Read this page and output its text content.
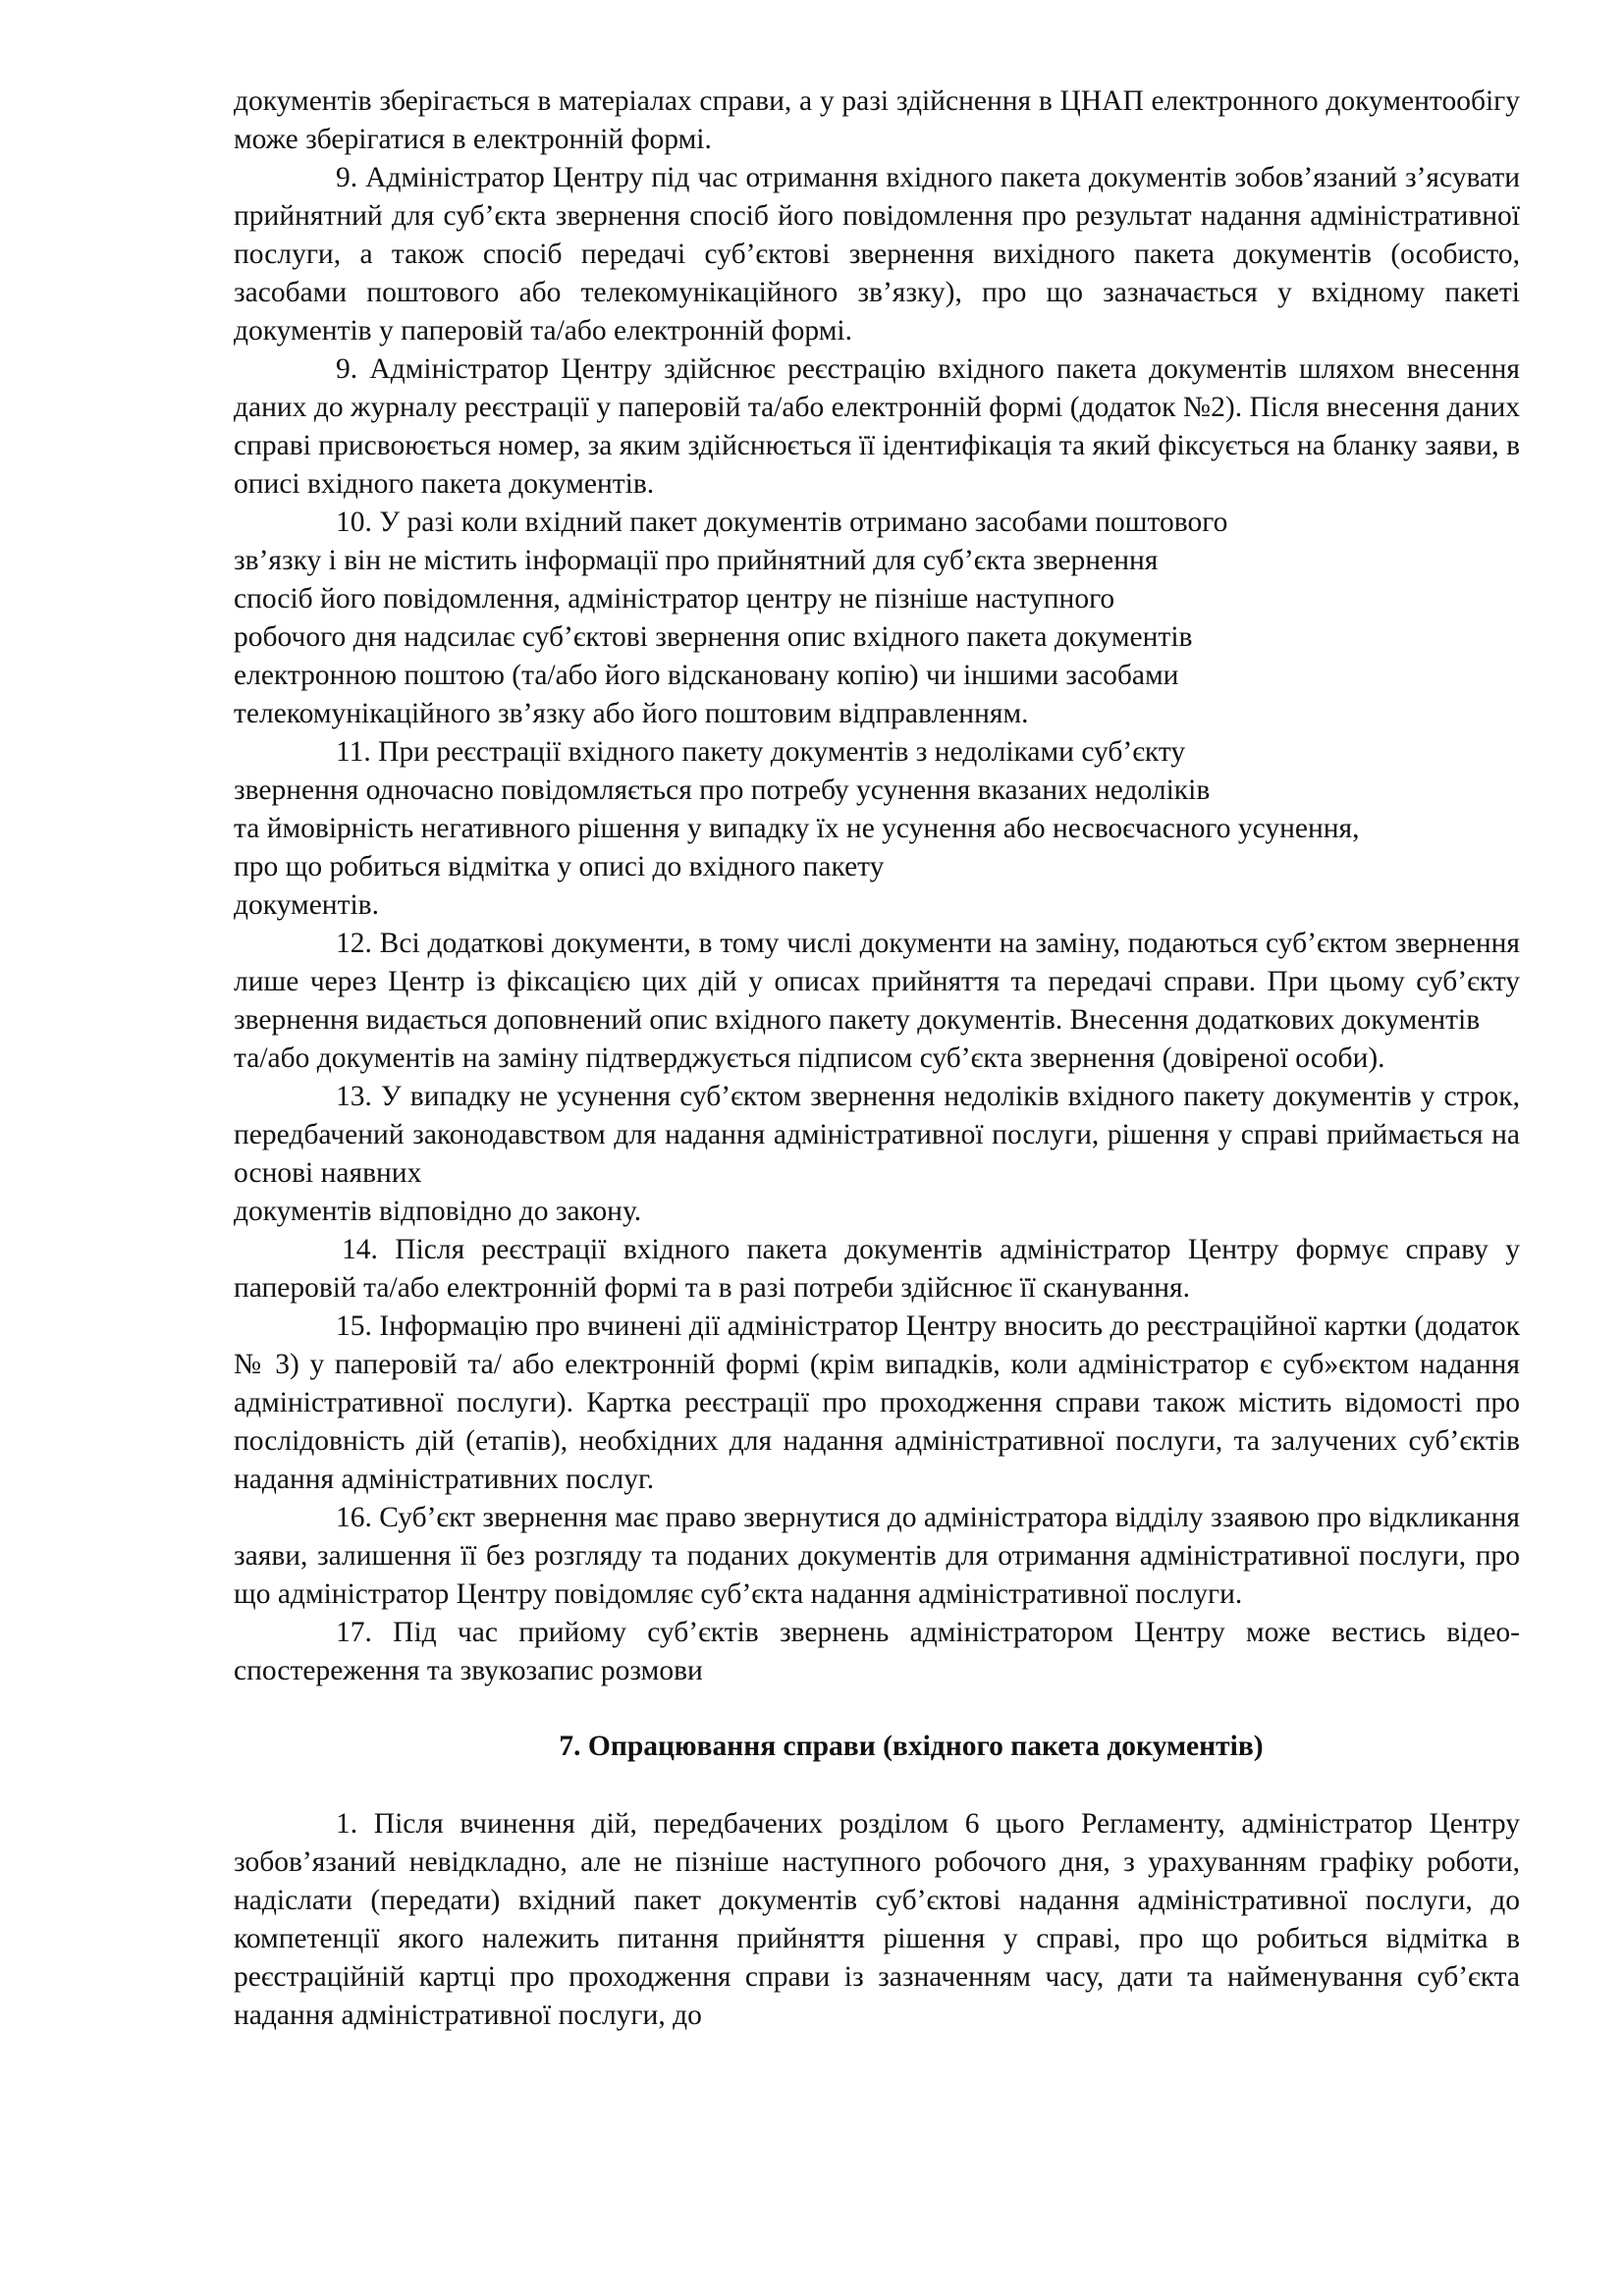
документів зберігається в матеріалах справи, а у разі здійснення в ЦНАП електронного документообігу може зберігатися в електронній формі.

9. Адміністратор Центру під час отримання вхідного пакета документів зобов’язаний з’ясувати прийнятний для суб’єкта звернення спосіб його повідомлення про результат надання адміністративної послуги, а також спосіб передачі суб’єктові звернення вихідного пакета документів (особисто, засобами поштового або телекомунікаційного зв’язку), про що зазначається у вхідному пакеті документів у паперовій та/або електронній формі.

9. Адміністратор Центру здійснює реєстрацію вхідного пакета документів шляхом внесення даних до журналу реєстрації у паперовій та/або електронній формі (додаток №2). Після внесення даних справі присвоюється номер, за яким здійснюється її ідентифікація та який фіксується на бланку заяви, в описі вхідного пакета документів.

10. У разі коли вхідний пакет документів отримано засобами поштового
зв’язку і він не містить інформації про прийнятний для суб’єкта звернення
спосіб його повідомлення, адміністратор центру не пізніше наступного
робочого дня надсилає суб’єктові звернення опис вхідного пакета документів
електронною поштою (та/або його відскановану копію) чи іншими засобами
телекомунікаційного зв’язку або його поштовим відправленням.
11. При реєстрації вхідного пакету документів з недоліками суб’єкту
звернення одночасно повідомляється про потребу усунення вказаних недоліків
та ймовірність негативного рішення у випадку їх не усунення або несвоєчасного усунення,
про що робиться відмітка у описі до вхідного пакету
документів.

12. Всі додаткові документи, в тому числі документи на заміну, подаються суб’єктом звернення лише через Центр із фіксацією цих дій у описах прийняття та передачі справи. При цьому суб’єкту звернення видається доповнений опис вхідного пакету документів. Внесення додаткових документів

та/або документів на заміну підтверджується підписом суб’єкта звернення (довіреної особи).

13. У випадку не усунення суб’єктом звернення недоліків вхідного пакету документів у строк, передбачений законодавством для надання адміністративної послуги, рішення у справі приймається на основі наявних

документів відповідно до закону.

14. Після реєстрації вхідного пакета документів адміністратор Центру формує справу у паперовій та/або електронній формі та в разі потреби здійснює її сканування.

15. Інформацію про вчинені дії адміністратор Центру вносить до реєстраційної картки (додаток № 3) у паперовій та/ або електронній формі (крім випадків, коли адміністратор є суб»єктом надання адміністративної послуги). Картка реєстрації про проходження справи також містить відомості про послідовність дій (етапів), необхідних для надання адміністративної послуги, та залучених суб’єктів надання адміністративних послуг.

16. Суб’єкт звернення має право звернутися до адміністратора відділу ззаявою про відкликання заяви, залишення її без розгляду та поданих документів для отримання адміністративної послуги, про що адміністратор Центру повідомляє суб’єкта надання адміністративної послуги.

17. Під час прийому суб’єктів звернень адміністратором Центру може вестись відео-спостереження та звукозапис розмови

7. Опрацювання справи (вхідного пакета документів)

1. Після вчинення дій, передбачених розділом 6 цього Регламенту, адміністратор Центру зобов’язаний невідкладно, але не пізніше наступного робочого дня, з урахуванням графіку роботи, надіслати (передати) вхідний пакет документів суб’єктові надання адміністративної послуги, до компетенції якого належить питання прийняття рішення у справі, про що робиться відмітка в реєстраційній картці про проходження справи із зазначенням часу, дати та найменування суб’єкта надання адміністративної послуги, до
